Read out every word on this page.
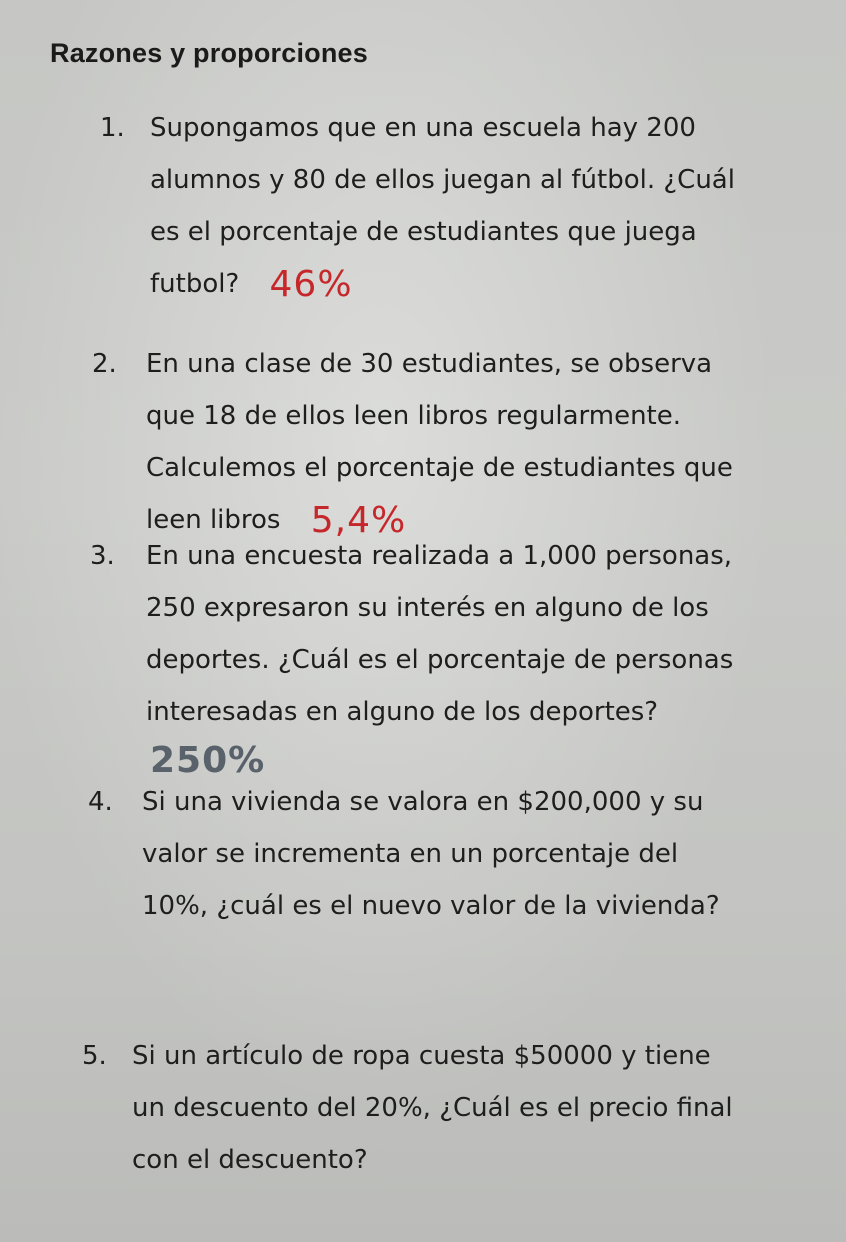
Razones y proporciones
1. Supongamos que en una escuela hay 200
alumnos y 80 de ellos juegan al fútbol. ¿Cuál
es el porcentaje de estudiantes que juega
futbol? 46%
2. En una clase de 30 estudiantes, se observa
que 18 de ellos leen libros regularmente.
Calculemos el porcentaje de estudiantes que
leen libros 5,4%
3. En una encuesta realizada a 1,000 personas,
250 expresaron su interés en alguno de los
deportes. ¿Cuál es el porcentaje de personas
interesadas en alguno de los deportes?
250%
4. Si una vivienda se valora en $200,000 y su
valor se incrementa en un porcentaje del
10%, ¿cuál es el nuevo valor de la vivienda?
5. Si un artículo de ropa cuesta $50000 y tiene
un descuento del 20%, ¿Cuál es el precio final
con el descuento?
